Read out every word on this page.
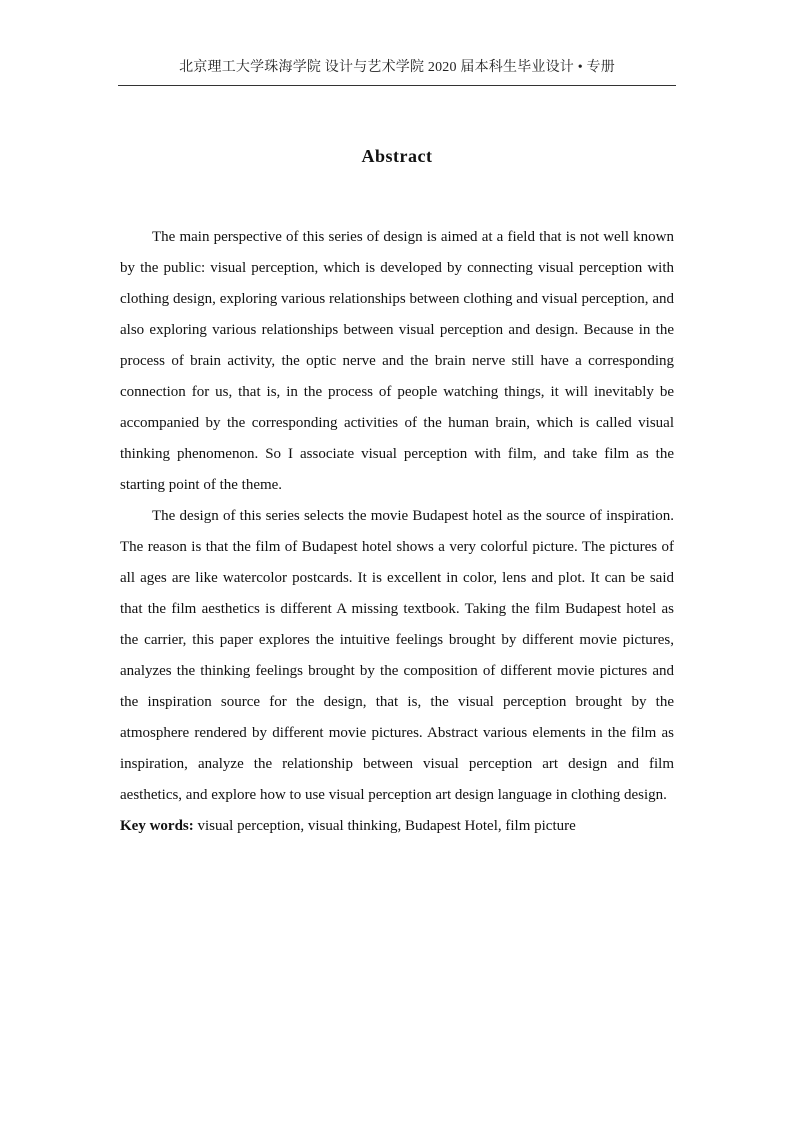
北京理工大学珠海学院 设计与艺术学院 2020 届本科生毕业设计 • 专册
Abstract

The main perspective of this series of design is aimed at a field that is not well known by the public: visual perception, which is developed by connecting visual perception with clothing design, exploring various relationships between clothing and visual perception, and also exploring various relationships between visual perception and design. Because in the process of brain activity, the optic nerve and the brain nerve still have a corresponding connection for us, that is, in the process of people watching things, it will inevitably be accompanied by the corresponding activities of the human brain, which is called visual thinking phenomenon. So I associate visual perception with film, and take film as the starting point of the theme.

The design of this series selects the movie Budapest hotel as the source of inspiration. The reason is that the film of Budapest hotel shows a very colorful picture. The pictures of all ages are like watercolor postcards. It is excellent in color, lens and plot. It can be said that the film aesthetics is different A missing textbook. Taking the film Budapest hotel as the carrier, this paper explores the intuitive feelings brought by different movie pictures, analyzes the thinking feelings brought by the composition of different movie pictures and the inspiration source for the design, that is, the visual perception brought by the atmosphere rendered by different movie pictures. Abstract various elements in the film as inspiration, analyze the relationship between visual perception art design and film aesthetics, and explore how to use visual perception art design language in clothing design.

Key words: visual perception, visual thinking, Budapest Hotel, film picture
